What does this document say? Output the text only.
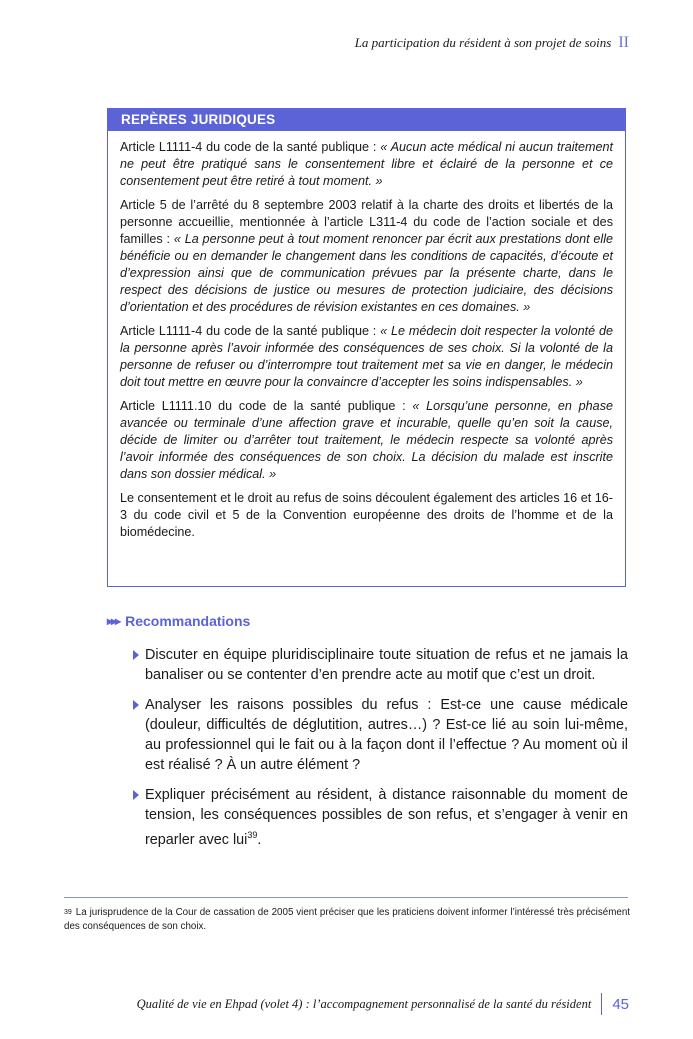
La participation du résident à son projet de soins II
REPÈRES JURIDIQUES

Article L1111-4 du code de la santé publique : « Aucun acte médical ni aucun traitement ne peut être pratiqué sans le consentement libre et éclairé de la personne et ce consentement peut être retiré à tout moment. »

Article 5 de l’arrêté du 8 septembre 2003 relatif à la charte des droits et libertés de la personne accueillie, mentionnée à l’article L311-4 du code de l’action sociale et des familles : « La personne peut à tout moment renoncer par écrit aux prestations dont elle bénéficie ou en demander le changement dans les conditions de capacités, d’écoute et d’expression ainsi que de communication prévues par la présente charte, dans le respect des décisions de justice ou mesures de protection judiciaire, des décisions d’orientation et des procédures de révision existantes en ces domaines. »

Article L1111-4 du code de la santé publique : « Le médecin doit respecter la volonté de la personne après l’avoir informée des conséquences de ses choix. Si la volonté de la personne de refuser ou d’interrompre tout traitement met sa vie en danger, le médecin doit tout mettre en œuvre pour la convaincre d’accepter les soins indispensables. »

Article L1111.10 du code de la santé publique : « Lorsqu’une personne, en phase avancée ou terminale d’une affection grave et incurable, quelle qu’en soit la cause, décide de limiter ou d’arrêter tout traitement, le médecin respecte sa volonté après l’avoir informée des conséquences de son choix. La décision du malade est inscrite dans son dossier médical. »

Le consentement et le droit au refus de soins découlent également des articles 16 et 16-3 du code civil et 5 de la Convention européenne des droits de l’homme et de la biomédecine.

▸▸▸ Recommandations
Discuter en équipe pluridisciplinaire toute situation de refus et ne jamais la banaliser ou se contenter d’en prendre acte au motif que c’est un droit.
Analyser les raisons possibles du refus : Est-ce une cause médicale (douleur, difficultés de déglutition, autres…) ? Est-ce lié au soin lui-même, au professionnel qui le fait ou à la façon dont il l’effectue ? Au moment où il est réalisé ? À un autre élément ?
Expliquer précisément au résident, à distance raisonnable du moment de tension, les conséquences possibles de son refus, et s’engager à venir en reparler avec lui$^{39}$.
$^{39}$ La jurisprudence de la Cour de cassation de 2005 vient préciser que les praticiens doivent informer l’intéressé très précisément des conséquences de son choix.
Qualité de vie en Ehpad (volet 4) : l’accompagnement personnalisé de la santé du résident 45
